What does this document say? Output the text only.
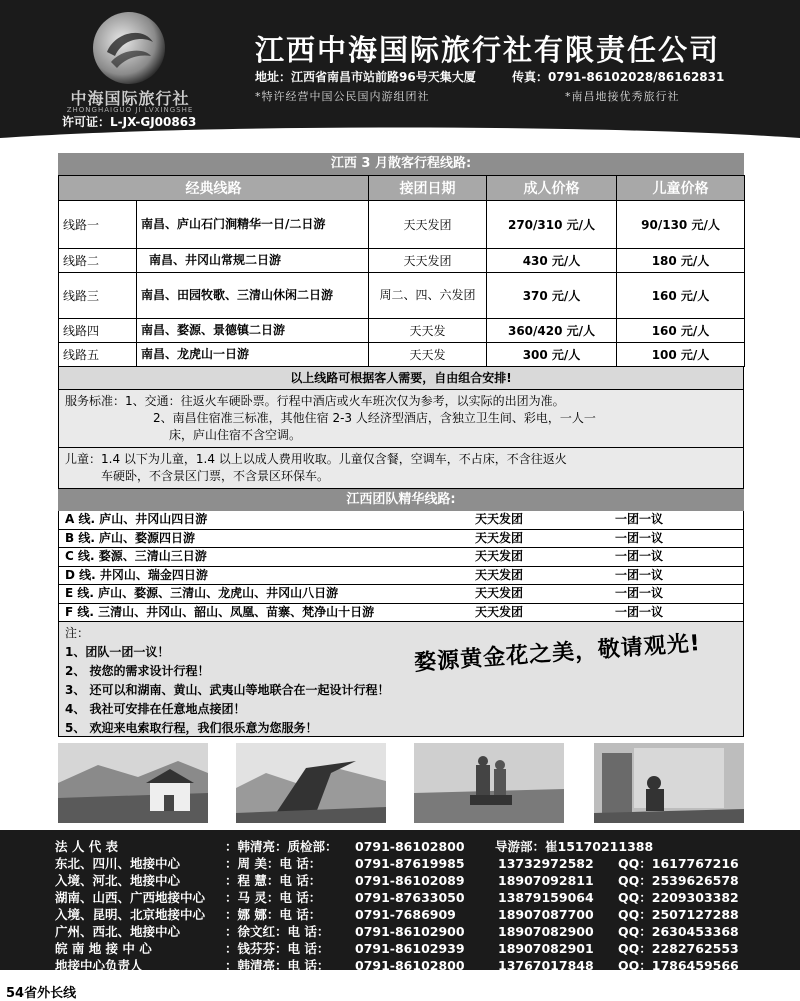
中海国际旅行社
ZHONGHAIGUO JI LVXINGSHE
许可证：L-JX-GJ00863
江西中海国际旅行社有限责任公司
地址：江西省南昌市站前路96号天集大厦	传真：0791-86102028/86162831
*特许经营中国公民国内游组团社	*南昌地接优秀旅行社
江西 3 月散客行程线路:
经典线路		接团日期	成人价格	儿童价格
线路一	南昌、庐山石门涧精华一日/二日游	天天发团	270/310 元/人	90/130 元/人
线路二	南昌、井冈山常规二日游	天天发团	430 元/人	180 元/人
线路三	南昌、田园牧歌、三清山休闲二日游	周二、四、六发团	370 元/人	160 元/人
线路四	南昌、婺源、景德镇二日游	天天发	360/420 元/人	160 元/人
线路五	南昌、龙虎山一日游	天天发	300 元/人	100 元/人
以上线路可根据客人需要，自由组合安排!
服务标准：1、交通：往返火车硬卧票。行程中酒店或火车班次仅为参考，以实际的出团为准。
2、南昌住宿准三标准，其他住宿 2-3 人经济型酒店，含独立卫生间、彩电，一人一
床，庐山住宿不含空调。
儿童：1.4 以下为儿童，1.4 以上以成人费用收取。儿童仅含餐，空调车，不占床，不含往返火
车硬卧，不含景区门票，不含景区环保车。
江西团队精华线路:
A 线. 庐山、井冈山四日游	天天发团	一团一议
B 线. 庐山、婺源四日游	天天发团	一团一议
C 线. 婺源、三清山三日游	天天发团	一团一议
D 线. 井冈山、瑞金四日游	天天发团	一团一议
E 线. 庐山、婺源、三清山、龙虎山、井冈山八日游	天天发团	一团一议
F 线. 三清山、井冈山、韶山、凤凰、苗寨、梵净山十日游	天天发团	一团一议
注：
1、团队一团一议！
2、 按您的需求设计行程！
3、 还可以和湖南、黄山、武夷山等地联合在一起设计行程！
4、 我社可安排在任意地点接团！
5、 欢迎来电索取行程，我们很乐意为您服务！
婺源黄金花之美，敬请观光!
法 人 代 表	：韩清亮：质检部： 0791-86102800 导游部：崔15170211388
东北、四川、地接中心	：周 美：电 话：	0791-87619985	13732972582 QQ：1617767216
入境、河北、地接中心	：程 慧：电 话：	0791-86102089	18907092811 QQ：2539626578
湖南、山西、广西地接中心 ：马 灵：电 话：	0791-87633050	13879159064 QQ：2209303382
入境、昆明、北京地接中心 ：娜 娜：电 话：	0791-7686909	18907087700 QQ：2507127288
广州、西北、地接中心	：徐文红：电 话： 0791-86102900	18907082900 QQ：2630453368
皖 南 地 接 中 心	：钱芬芬：电 话： 0791-86102939	18907082901 QQ：2282762553
地接中心负责人	：韩清亮：电 话： 0791-86102800	13767017848 QQ：1786459566
54省外长线
